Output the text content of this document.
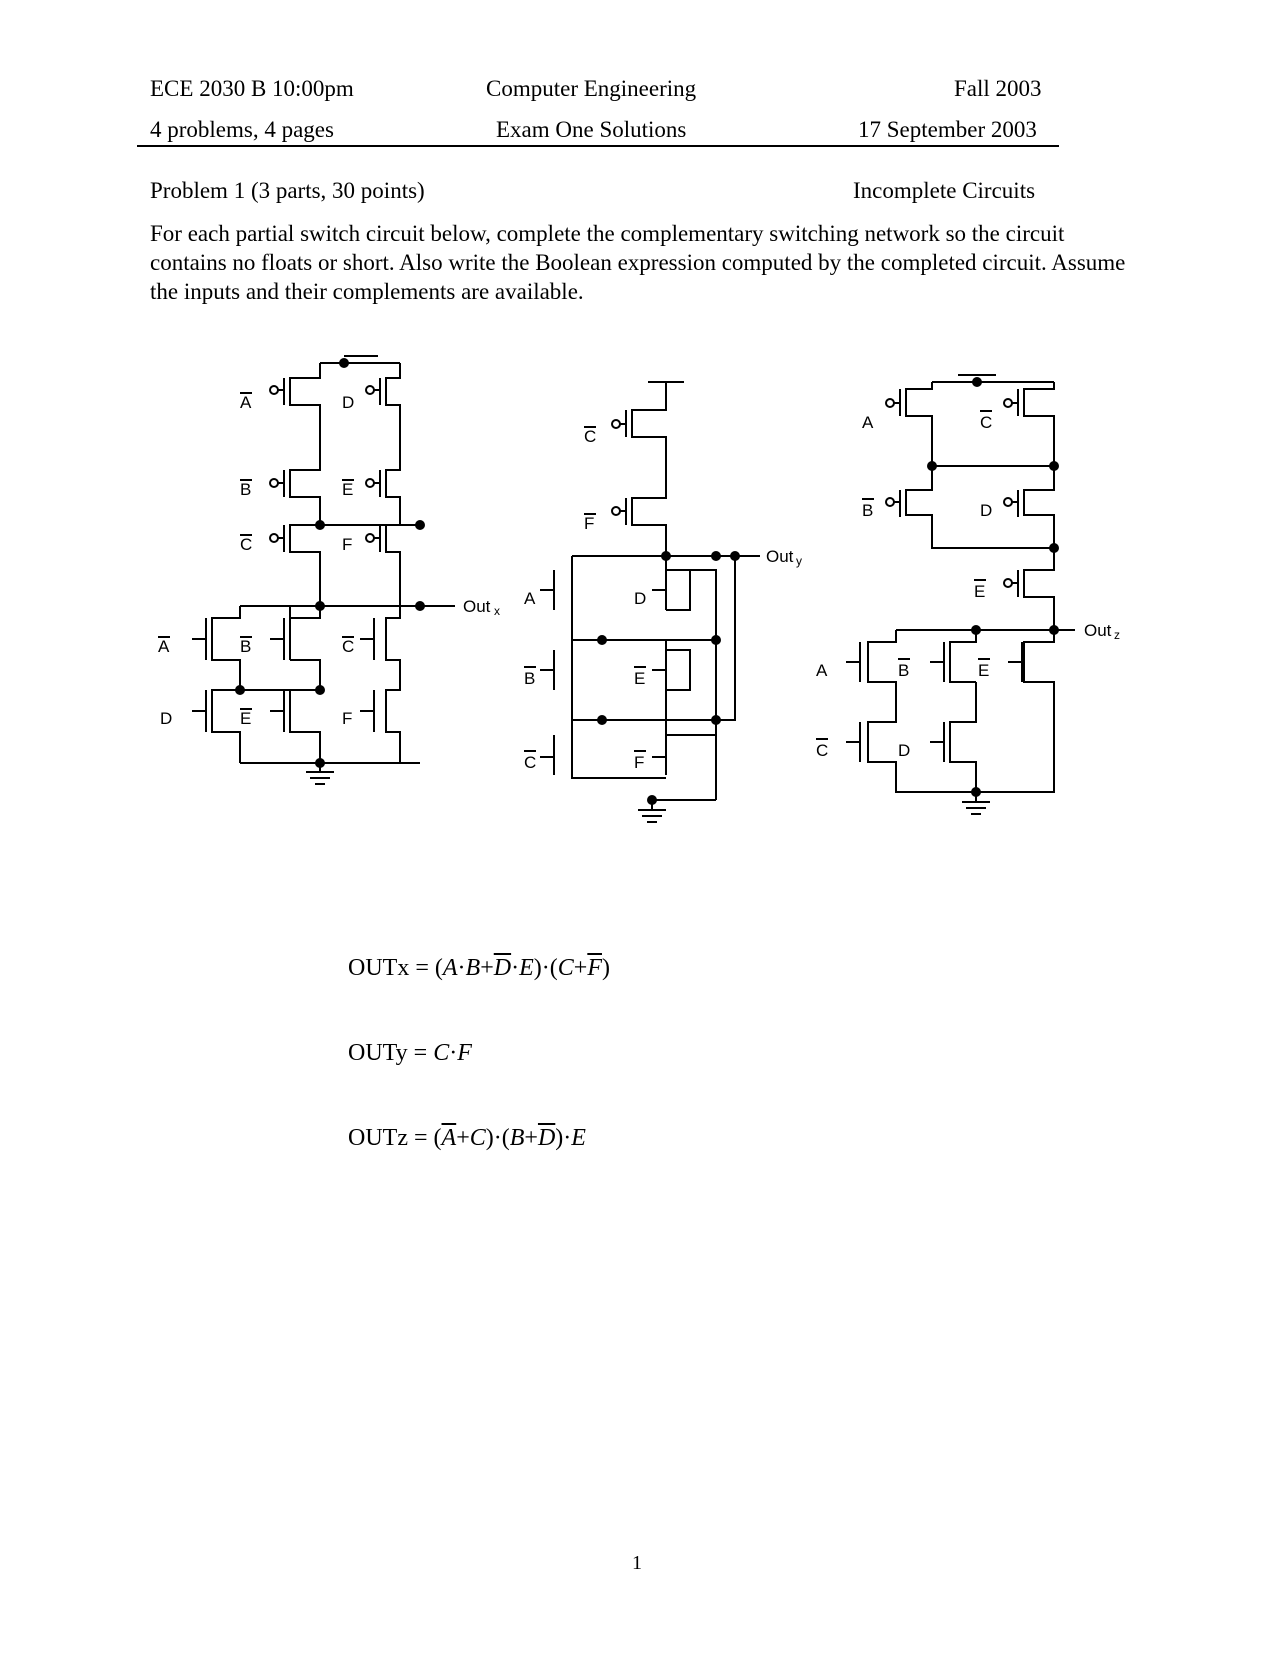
ECE 2030 B 10:00pm	Computer Engineering	Fall 2003
4 problems, 4 pages	Exam One Solutions	17 September 2003
Problem 1 (3 parts, 30 points)	Incomplete Circuits
For each partial switch circuit below, complete the complementary switching network so the circuit contains no floats or short. Also write the Boolean expression computed by the completed circuit. Assume the inputs and their complements are available.
A
B
C
D
E
F
A	B	C
D	E	F
Out x
C
F
A
B
C
D
E
F
Out y
A
B
C
D
E
A
C
B
D
E
Out z
OUTx = $(A\cdot B+\overline{D}\cdot E)\cdot(C+\overline{F})$
OUTy = C·F
OUTz = $(\overline{A}+C)\cdot(B+\overline{D})\cdot E$
1
